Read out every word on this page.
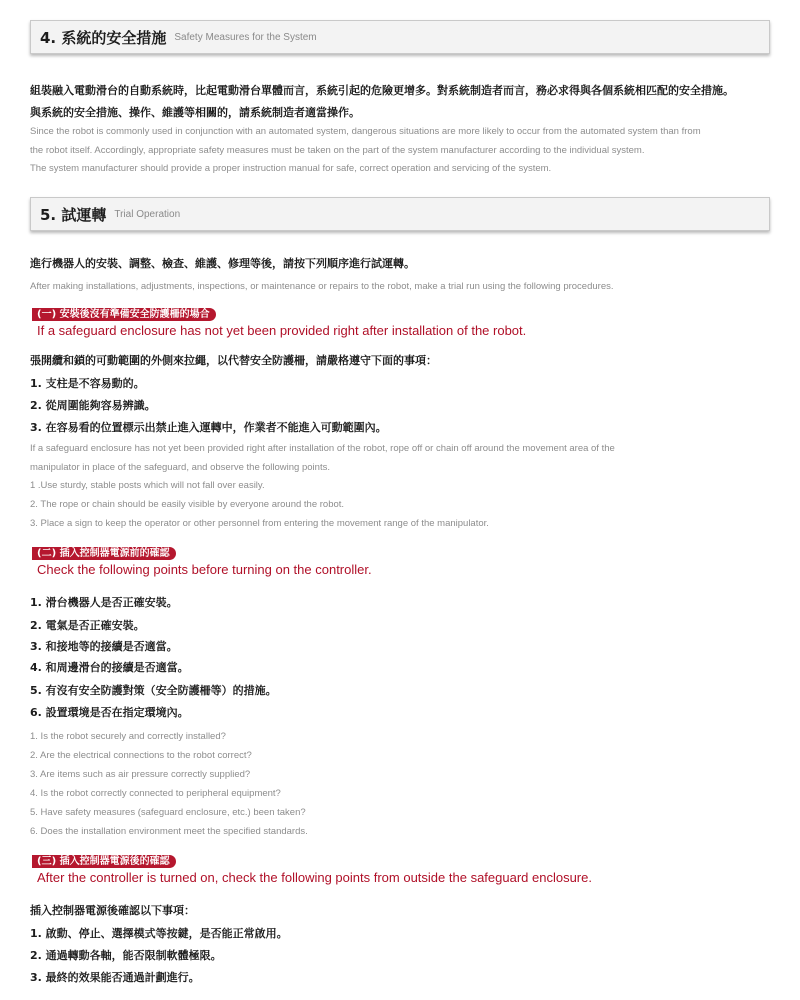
4. 系統的安全措施 Safety Measures for the System
組裝融入電動滑台的自動系統時，比起電動滑台單體而言，系統引起的危險更增多。對系統制造者而言，務必求得與各個系統相匹配的安全措施。
與系統的安全措施、操作、維護等相關的，請系統制造者適當操作。
Since the robot is commonly used in conjunction with an automated system, dangerous situations are more likely to occur from the automated system than from
the robot itself. Accordingly, appropriate safety measures must be taken on the part of the system manufacturer according to the individual system.
The system manufacturer should provide a proper instruction manual for safe, correct operation and servicing of the system.
5. 試運轉 Trial Operation
進行機器人的安裝、調整、檢查、維護、修理等後，請按下列順序進行試運轉。
After making installations, adjustments, inspections, or maintenance or repairs to the robot, make a trial run using the following procedures.
(一) 安裝後沒有準備安全防護柵的場合
If a safeguard enclosure has not yet been provided right after installation of the robot.
張開纜和鎖的可動範圍的外側來拉繩，以代替安全防護柵，請嚴格遵守下面的事項：
1. 支柱是不容易動的。
2. 從周圍能夠容易辨識。
3. 在容易看的位置標示出禁止進入運轉中，作業者不能進入可動範圍內。
If a safeguard enclosure has not yet been provided right after installation of the robot, rope off or chain off around the movement area of the
manipulator in place of the safeguard, and observe the following points.
1 .Use sturdy, stable posts which will not fall over easily.
2. The rope or chain should be easily visible by everyone around the robot.
3. Place a sign to keep the operator or other personnel from entering the movement range of the manipulator.
(二) 插入控制器電源前的確認
Check the following points before turning on the controller.
1. 滑台機器人是否正確安裝。
2. 電氣是否正確安裝。
3. 和接地等的接續是否適當。
4. 和周邊滑台的接續是否適當。
5. 有沒有安全防護對策（安全防護柵等）的措施。
6. 設置環境是否在指定環境內。
1. Is the robot securely and correctly installed?
2. Are the electrical connections to the robot correct?
3. Are items such as air pressure correctly supplied?
4. Is the robot correctly connected to peripheral equipment?
5. Have safety measures (safeguard enclosure, etc.) been taken?
6. Does the installation environment meet the specified standards.
(三) 插入控制器電源後的確認
After the controller is turned on, check the following points from outside the safeguard enclosure.
插入控制器電源後確認以下事項：
1. 啟動、停止、選擇模式等按鍵，是否能正常啟用。
2. 通過轉動各軸，能否限制軟體極限。
3. 最終的效果能否通過計劃進行。
